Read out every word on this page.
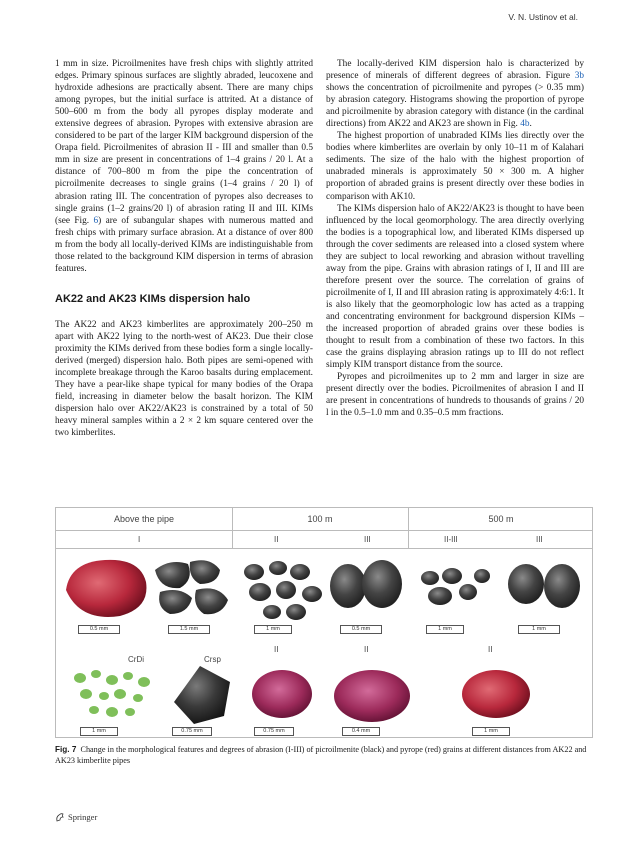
V. N. Ustinov et al.

1 mm in size. Picroilmenites have fresh chips with slightly attrited edges. Primary spinous surfaces are slightly abraded, leucoxene and hydroxide adhesions are practically absent. There are many chips among pyropes, but the initial surface is attrited. At a distance of 500–600 m from the body all pyropes display moderate and extensive degrees of abrasion. Pyropes with extensive abrasion are considered to be part of the larger KIM background dispersion of the Orapa field. Picroilmenites of abrasion II - III and smaller than 0.5 mm in size are present in concentrations of 1–4 grains / 20 l. At a distance of 700–800 m from the pipe the concentration of picroilmenite decreases to single grains (1–4 grains / 20 l) of abrasion rating III. The concentration of pyropes also decreases to single grains (1–2 grains/20 l) of abrasion rating II and III. KIMs (see Fig. 6) are of subangular shapes with numerous matted and fresh chips with primary surface abrasion. At a distance of over 800 m from the body all locally-derived KIMs are indistinguishable from those related to the background KIM dispersion in terms of abrasion features.

AK22 and AK23 KIMs dispersion halo

The AK22 and AK23 kimberlites are approximately 200–250 m apart with AK22 lying to the north-west of AK23. Due their close proximity the KIMs derived from these bodies form a single locally-derived (merged) dispersion halo. Both pipes are semi-opened with incomplete breakage through the Karoo basalts during emplacement. They have a pear-like shape typical for many bodies of the Orapa field, increasing in diameter below the basalt horizon. The KIM dispersion halo over AK22/AK23 is constrained by a total of 50 heavy mineral samples within a 2 × 2 km square centered over the two kimberlites.

The locally-derived KIM dispersion halo is characterized by presence of minerals of different degrees of abrasion. Figure 3b shows the concentration of picroilmenite and pyropes (> 0.35 mm) by abrasion category. Histograms showing the proportion of pyrope and picroilmenite by abrasion category with distance (in the cardinal directions) from AK22 and AK23 are shown in Fig. 4b.

The highest proportion of unabraded KIMs lies directly over the bodies where kimberlites are overlain by only 10–11 m of Kalahari sediments. The size of the halo with the highest proportion of unabraded minerals is approximately 50 × 300 m. A higher proportion of abraded grains is present directly over these bodies in comparison with AK10.

The KIMs dispersion halo of AK22/AK23 is thought to have been influenced by the local geomorphology. The area directly overlying the bodies is a topographical low, and liberated KIMs dispersed up through the cover sediments are released into a closed system where they are subject to local reworking and abrasion without travelling away from the pipe. Grains with abrasion ratings of I, II and III are therefore present over the source. The correlation of grains of picroilmenite of I, II and III abrasion rating is approximately 4:6:1. It is also likely that the geomorphologic low has acted as a trapping and concentrating environment for background dispersion KIMs – the increased proportion of abraded grains over these bodies is thought to result from a combination of these two factors. In this case the grains displaying abrasion ratings up to III do not reflect simply KIM transport distance from the source.

Pyropes and picroilmenites up to 2 mm and larger in size are present directly over the bodies. Picroilmenites of abrasion I and II are present in concentrations of hundreds to thousands of grains / 20 l in the 0.5–1.0 mm and 0.35–0.5 mm fractions.

Above the pipe	100 m	500 m
I	II	III	II-III	III
0.5 mm	1.5 mm	1 mm	0.5 mm	1 mm	1 mm
CrDi	Crsp
II	II	II
1 mm	0.75 mm	0.75 mm	0.4 mm	1 mm
Fig. 7 Change in the morphological features and degrees of abrasion (I-III) of picroilmenite (black) and pyrope (red) grains at different distances from AK22 and AK23 kimberlite pipes
Springer
